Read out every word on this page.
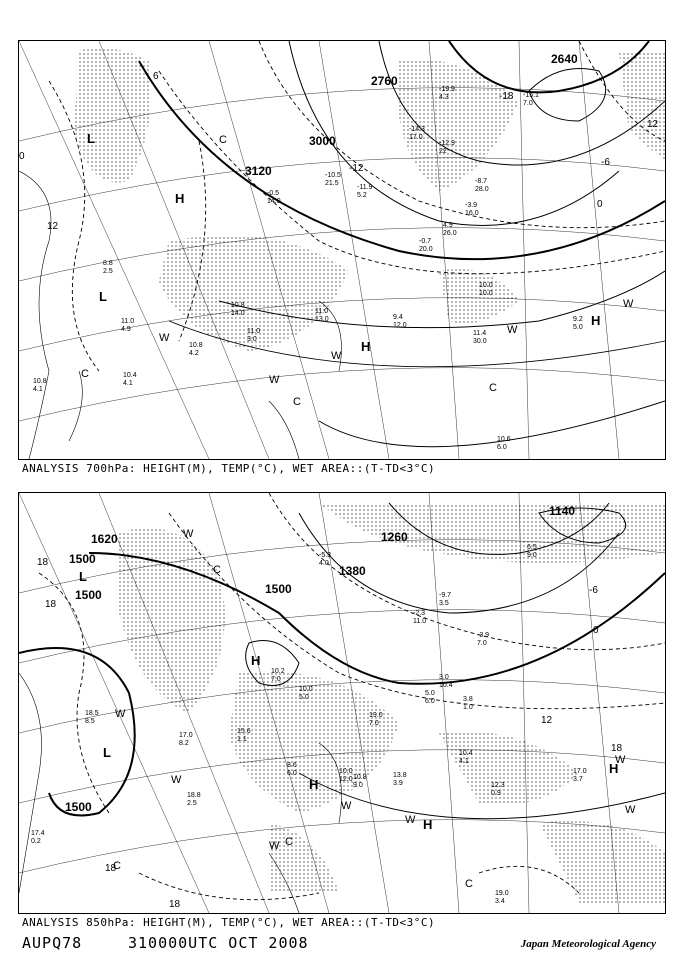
3120
3000
2760
2640
0
12
12
-12
-18
-6
0
6
L
L
H
H
H
W
W
W
W
W
C
C
C
C
8.8
2.5
11.0
4.9
10.8
4.1
10.4
4.1
10.8
4.2
10.8
14.0
11.0
3.0
11.0
13.0	9.4
12.0
10.0
10.0
11.4
30.0
9.2
5.0
10.6
6.0
-12.9
22
-8.7
28.0
-15.1
7.0
-19.9
4.3
-10.5
21.5
-0.5
14.0
-0.7
20.0
4.9
26.0
-3.9
16.0
-14.3
17.0
-11.9
5.2
ANALYSIS 700hPa: HEIGHT(M), TEMP(°C), WET AREA::(T-TD<3°C)
1500
1500	1500
1500
1380
1260
1140
1620
18
18
18
18
12
18
-6
0
L
L
H
H
H
H
W
W
W
W
W
W
W
W
C
C
C
C
18.5
8.5
17.0
8.2
18.8
2.5
17.4
0.2
15.6
1.1
10.0
5.0
10.2
7.0
19.0
7.0
13.8
3.9
10.4
4.1
10.0
12.0
17.0
3.7
19.0
3.4
6.5
9.0
-3.9
7.0
-2.3
11.0
5.0
6.0
3.0
10.4
-9.7
3.5
3.8
1.0
12.3
0.9
8.6
6.0
-5.3
4.0
10.8
9.0
ANALYSIS 850hPa: HEIGHT(M), TEMP(°C), WET AREA::(T-TD<3°C)
AUPQ78	310000UTC OCT 2008	Japan Meteorological Agency
